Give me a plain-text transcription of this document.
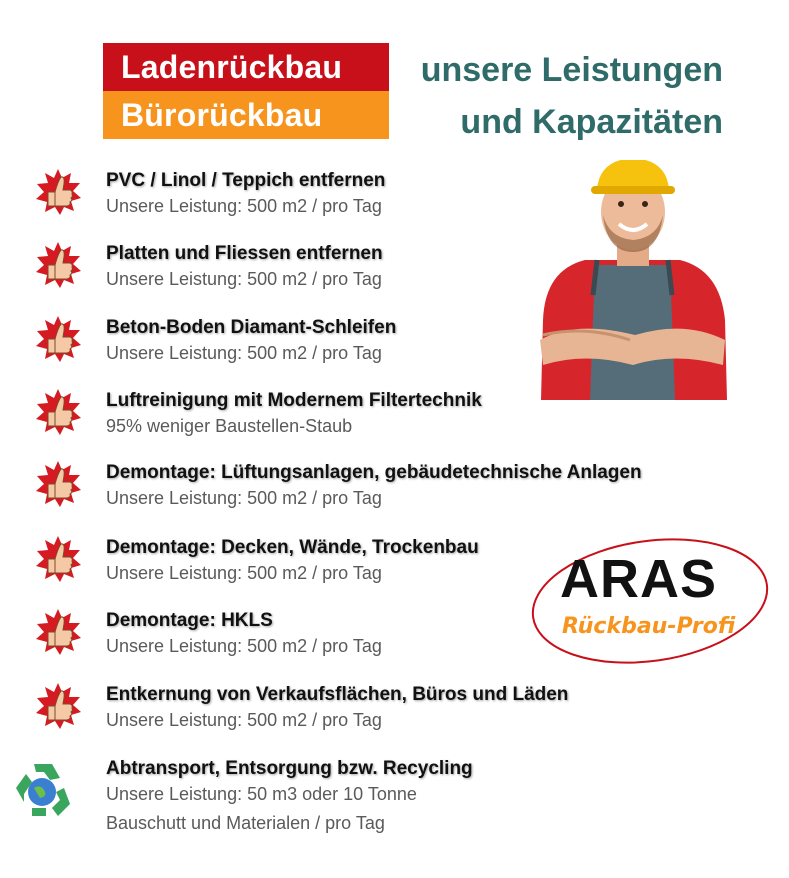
Ladenrückbau
Bürorückbau
unsere Leistungen
und Kapazitäten
ARAS
Rückbau-Profi
PVC / Linol / Teppich entfernen
Unsere Leistung: 500 m2 / pro Tag
Platten und Fliessen entfernen
Unsere Leistung: 500 m2 / pro Tag
Beton-Boden Diamant-Schleifen
Unsere Leistung: 500 m2 / pro Tag
Luftreinigung mit Modernem Filtertechnik
95% weniger Baustellen-Staub
Demontage: Lüftungsanlagen, gebäudetechnische Anlagen
Unsere Leistung: 500 m2 / pro Tag
Demontage: Decken, Wände, Trockenbau
Unsere Leistung: 500 m2 / pro Tag
Demontage: HKLS
Unsere Leistung: 500 m2 / pro Tag
Entkernung von Verkaufsflächen, Büros und Läden
Unsere Leistung: 500 m2 / pro Tag
Abtransport, Entsorgung bzw. Recycling
Unsere Leistung: 50 m3 oder 10 Tonne
Bauschutt und Materialen / pro Tag
